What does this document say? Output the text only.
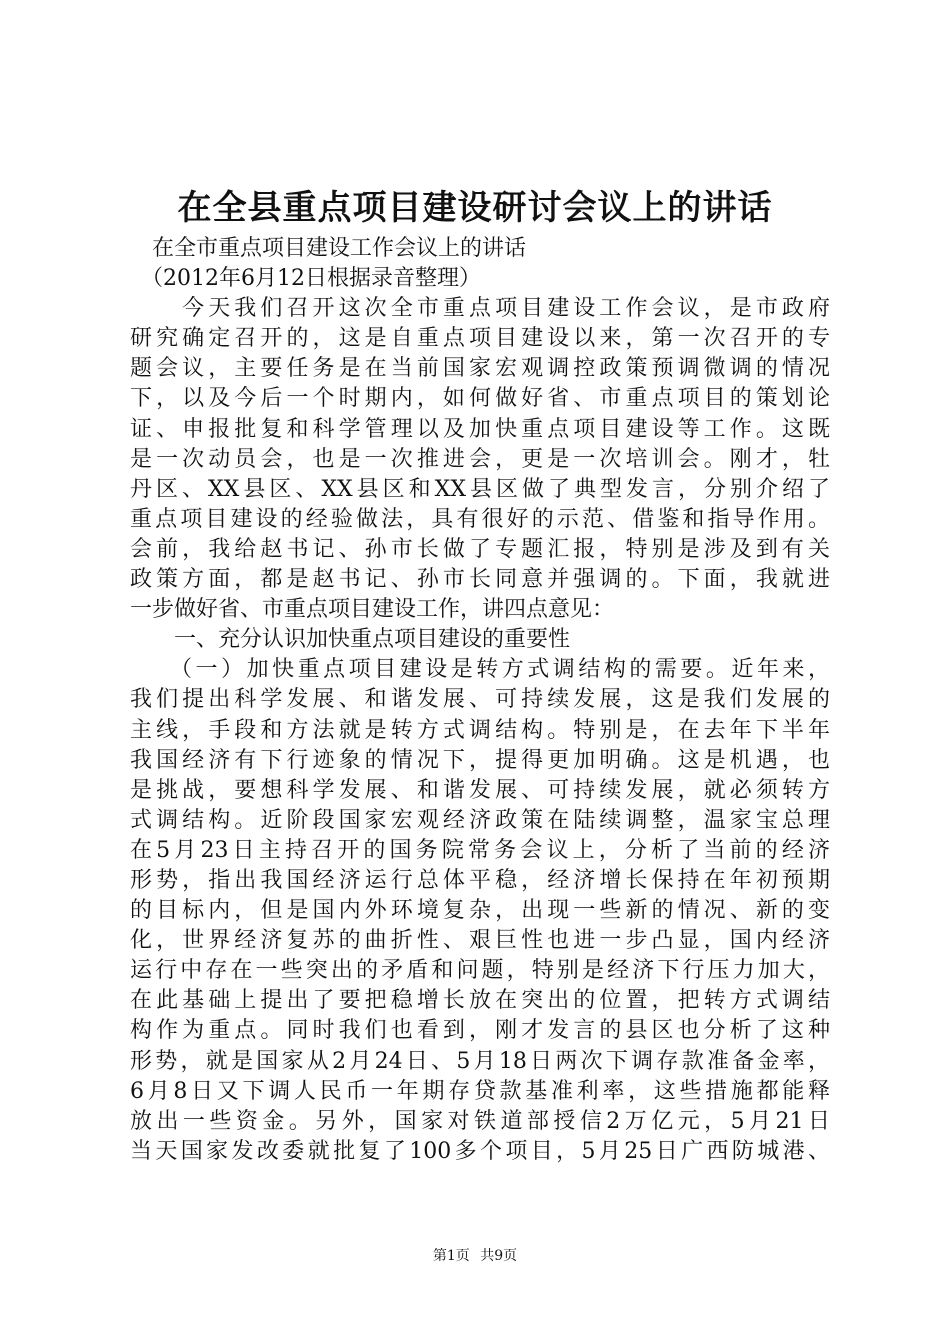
在全县重点项目建设研讨会议上的讲话
　在全市重点项目建设工作会议上的讲话
　（2012年6月12日根据录音整理）
　　今天我们召开这次全市重点项目建设工作会议，是市政府
研究确定召开的，这是自重点项目建设以来，第一次召开的专
题会议，主要任务是在当前国家宏观调控政策预调微调的情况
下，以及今后一个时期内，如何做好省、市重点项目的策划论
证、申报批复和科学管理以及加快重点项目建设等工作。这既
是一次动员会，也是一次推进会，更是一次培训会。刚才，牡
丹区、XX县区、XX县区和XX县区做了典型发言，分别介绍了
重点项目建设的经验做法，具有很好的示范、借鉴和指导作用。
会前，我给赵书记、孙市长做了专题汇报，特别是涉及到有关
政策方面，都是赵书记、孙市长同意并强调的。下面，我就进
一步做好省、市重点项目建设工作，讲四点意见：
　　一、充分认识加快重点项目建设的重要性
　　（一）加快重点项目建设是转方式调结构的需要。近年来，
我们提出科学发展、和谐发展、可持续发展，这是我们发展的
主线，手段和方法就是转方式调结构。特别是，在去年下半年
我国经济有下行迹象的情况下，提得更加明确。这是机遇，也
是挑战，要想科学发展、和谐发展、可持续发展，就必须转方
式调结构。近阶段国家宏观经济政策在陆续调整，温家宝总理
在5月23日主持召开的国务院常务会议上，分析了当前的经济
形势，指出我国经济运行总体平稳，经济增长保持在年初预期
的目标内，但是国内外环境复杂，出现一些新的情况、新的变
化，世界经济复苏的曲折性、艰巨性也进一步凸显，国内经济
运行中存在一些突出的矛盾和问题，特别是经济下行压力加大，
在此基础上提出了要把稳增长放在突出的位置，把转方式调结
构作为重点。同时我们也看到，刚才发言的县区也分析了这种
形势，就是国家从2月24日、5月18日两次下调存款准备金率，
6月8日又下调人民币一年期存贷款基准利率，这些措施都能释
放出一些资金。另外，国家对铁道部授信2万亿元，5月21日
当天国家发改委就批复了100多个项目，5月25日广西防城港、
第1页 共9页
